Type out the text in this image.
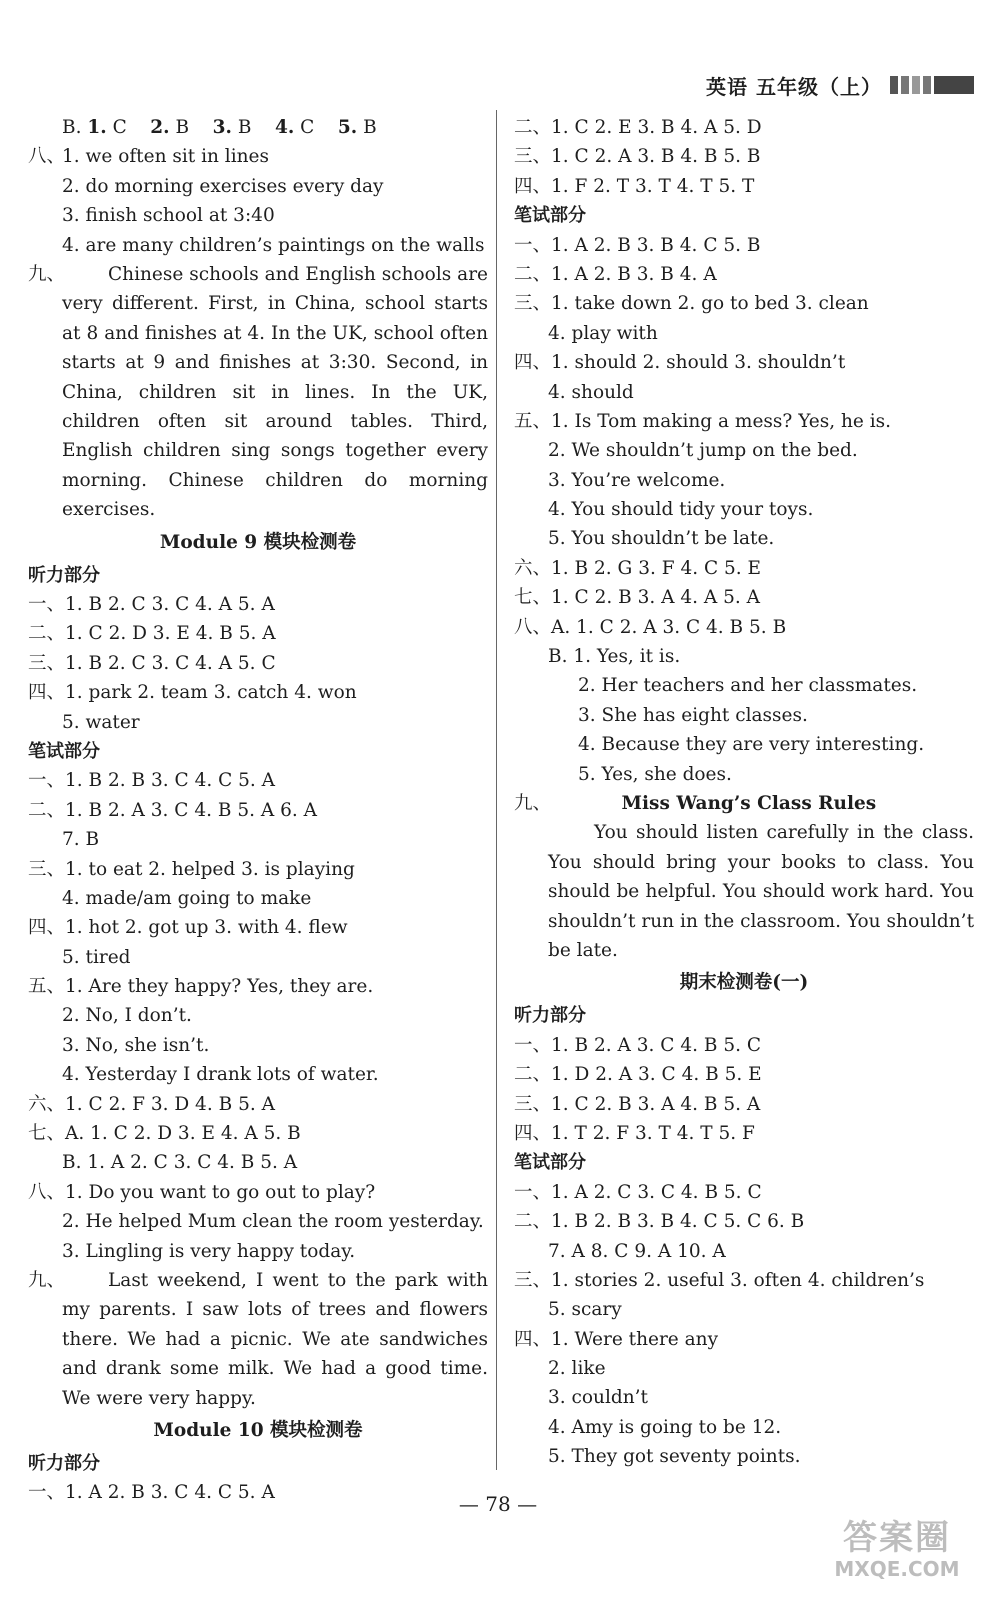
英语 五年级（上）
B. 1. C 2. B 3. B 4. C 5. B
八、1. we often sit in lines
2. do morning exercises every day
3. finish school at 3:40
4. are many children’s paintings on the walls
九、	Chinese schools and English schools are very different. First, in China, school starts at 8 and finishes at 4. In the UK, school often starts at 9 and finishes at 3:30. Second, in China, children sit in lines. In the UK, children often sit around tables. Third, English children sing songs together every morning. Chinese children do morning exercises.
Module 9 模块检测卷
听力部分
一、1. B 2. C 3. C 4. A 5. A
二、1. C 2. D 3. E 4. B 5. A
三、1. B 2. C 3. C 4. A 5. C
四、1. park 2. team 3. catch 4. won
5. water
笔试部分
一、1. B 2. B 3. C 4. C 5. A
二、1. B 2. A 3. C 4. B 5. A 6. A
7. B
三、1. to eat 2. helped 3. is playing
4. made/am going to make
四、1. hot 2. got up 3. with 4. flew
5. tired
五、1. Are they happy? Yes, they are.
2. No, I don’t.
3. No, she isn’t.
4. Yesterday I drank lots of water.
六、1. C 2. F 3. D 4. B 5. A
七、A. 1. C 2. D 3. E 4. A 5. B
B. 1. A 2. C 3. C 4. B 5. A
八、1. Do you want to go out to play?
2. He helped Mum clean the room yesterday.
3. Lingling is very happy today.
九、	Last weekend, I went to the park with my parents. I saw lots of trees and flowers there. We had a picnic. We ate sandwiches and drank some milk. We had a good time. We were very happy.
Module 10 模块检测卷
听力部分
一、1. A 2. B 3. C 4. C 5. A
二、1. C 2. E 3. B 4. A 5. D
三、1. C 2. A 3. B 4. B 5. B
四、1. F 2. T 3. T 4. T 5. T
笔试部分
一、1. A 2. B 3. B 4. C 5. B
二、1. A 2. B 3. B 4. A
三、1. take down 2. go to bed 3. clean
4. play with
四、1. should 2. should 3. shouldn’t
4. should
五、1. Is Tom making a mess? Yes, he is.
2. We shouldn’t jump on the bed.
3. You’re welcome.
4. You should tidy your toys.
5. You shouldn’t be late.
六、1. B 2. G 3. F 4. C 5. E
七、1. C 2. B 3. A 4. A 5. A
八、A. 1. C 2. A 3. C 4. B 5. B
B. 1. Yes, it is.
2. Her teachers and her classmates.
3. She has eight classes.
4. Because they are very interesting.
5. Yes, she does.
九、	Miss Wang’s Class Rules
You should listen carefully in the class. You should bring your books to class. You should be helpful. You should work hard. You shouldn’t run in the classroom. You shouldn’t be late.
期末检测卷(一)
听力部分
一、1. B 2. A 3. C 4. B 5. C
二、1. D 2. A 3. C 4. B 5. E
三、1. C 2. B 3. A 4. B 5. A
四、1. T 2. F 3. T 4. T 5. F
笔试部分
一、1. A 2. C 3. C 4. B 5. C
二、1. B 2. B 3. B 4. C 5. C 6. B
7. A 8. C 9. A 10. A
三、1. stories 2. useful 3. often 4. children’s
5. scary
四、1. Were there any
2. like
3. couldn’t
4. Amy is going to be 12.
5. They got seventy points.
— 78 —
答案圈
MXQE.COM
